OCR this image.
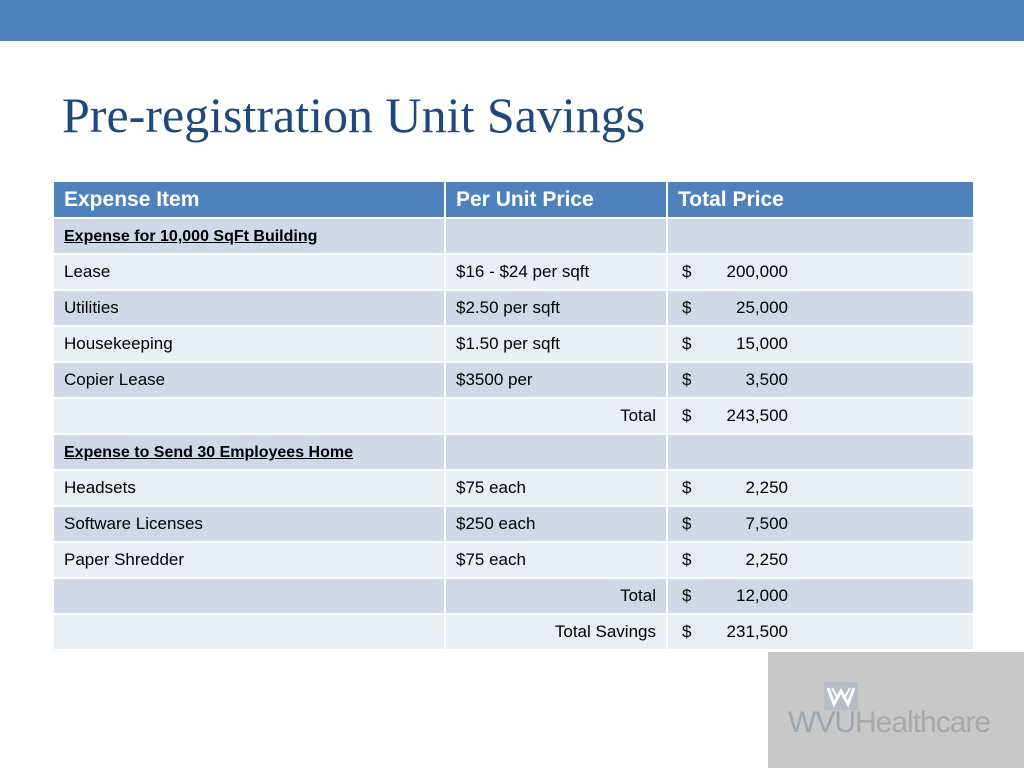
Pre-registration Unit Savings
Expense Item	Per Unit Price	Total Price
Expense for 10,000 SqFt Building		
Lease	$16 - $24 per sqft	$ 200,000
Utilities	$2.50 per sqft	$ 25,000
Housekeeping	$1.50 per sqft	$ 15,000
Copier Lease	$3500 per	$ 3,500
	Total	$ 243,500
Expense to Send 30 Employees Home		
Headsets	$75 each	$ 2,250
Software Licenses	$250 each	$ 7,500
Paper Shredder	$75 each	$ 2,250
	Total	$ 12,000
	Total Savings	$ 231,500
WVUHealthcare
